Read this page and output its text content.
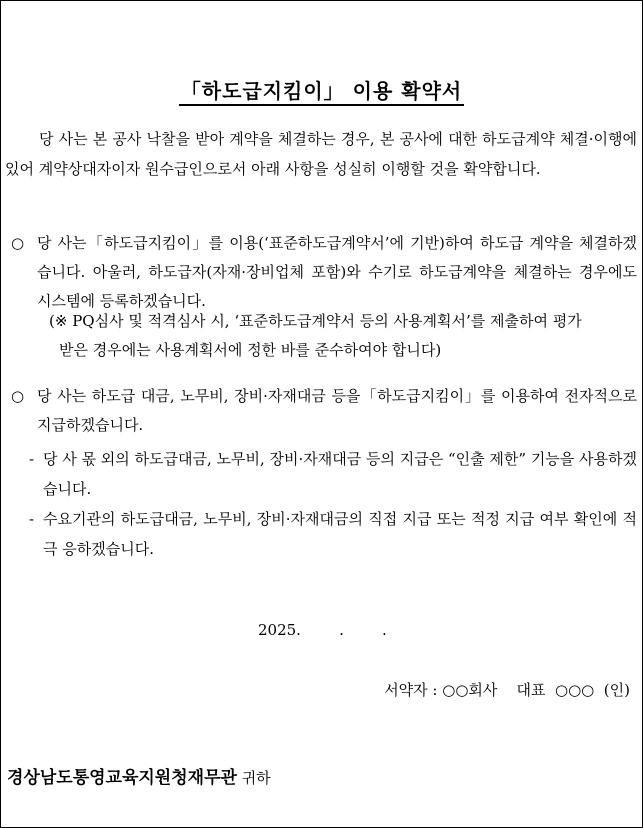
「하도급지킴이」 이용 확약서
당 사는 본 공사 낙찰을 받아 계약을 체결하는 경우, 본 공사에 대한 하도급계약 체결·이행에 있어 계약상대자이자 원수급인으로서 아래 사항을 성실히 이행할 것을 확약합니다.
○ 당 사는「하도급지킴이」를 이용(‘표준하도급계약서’에 기반)하여 하도급 계약을 체결하겠습니다. 아울러, 하도급자(자재·장비업체 포함)와 수기로 하도급계약을 체결하는 경우에도 시스템에 등록하겠습니다.
(※ PQ심사 및 적격심사 시, ‘표준하도급계약서 등의 사용계획서’를 제출하여 평가
받은 경우에는 사용계획서에 정한 바를 준수하여야 합니다)
○ 당 사는 하도급 대금, 노무비, 장비·자재대금 등을「하도급지킴이」를 이용하여 전자적으로 지급하겠습니다.
- 당 사 몫 외의 하도급대금, 노무비, 장비·자재대금 등의 지급은 “인출 제한” 기능을 사용하겠습니다.
- 수요기관의 하도급대금, 노무비, 장비·자재대금의 직접 지급 또는 적정 지급 여부 확인에 적극 응하겠습니다.
2025.        .        .
서약자 : ○○회사    대표  ○○○  (인)
경상남도통영교육지원청재무관 귀하
